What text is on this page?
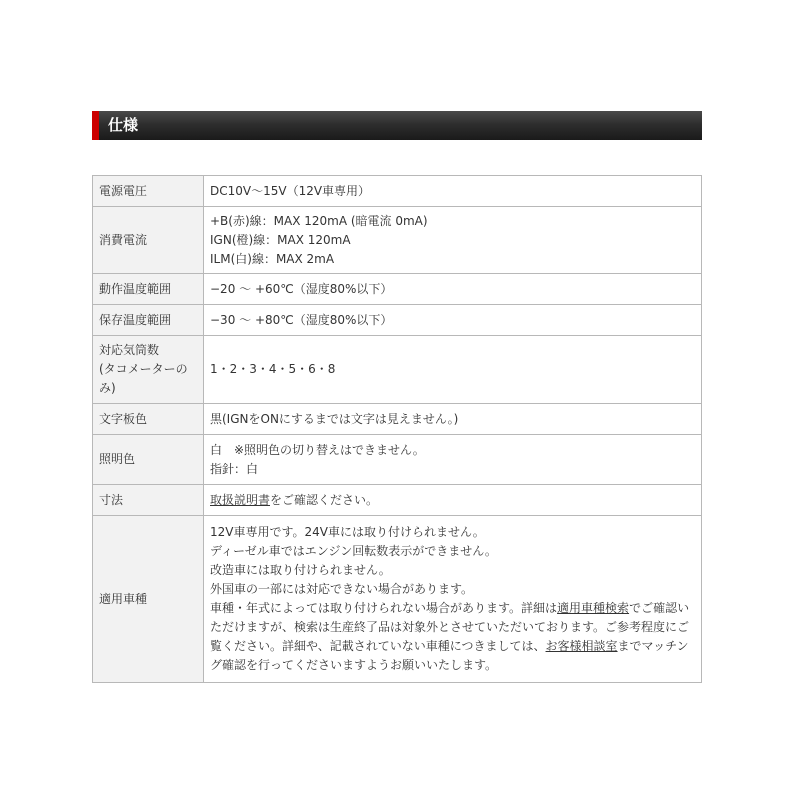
仕様
電源電圧	DC10V〜15V（12V車専用）

消費電流	+B(赤)線：MAX 120mA (暗電流 0mA)
IGN(橙)線：MAX 120mA
ILM(白)線：MAX 2mA

動作温度範囲	−20 〜 +60℃（湿度80%以下）

保存温度範囲	−30 〜 +80℃（湿度80%以下）

対応気筒数
(タコメーターの
み)	1・2・3・4・5・6・8

文字板色	黒(IGNをONにするまでは文字は見えません。)

照明色	白　※照明色の切り替えはできません。
指針：白

寸法	取扱説明書をご確認ください。

適用車種	12V車専用です。24V車には取り付けられません。
ディーゼル車ではエンジン回転数表示ができません。
改造車には取り付けられません。
外国車の一部には対応できない場合があります。
車種・年式によっては取り付けられない場合があります。詳細は適用車種検索でご確認いただけますが、検索は生産終了品は対象外とさせていただいております。ご参考程度にご覧ください。詳細や、記載されていない車種につきましては、お客様相談室までマッチング確認を行ってくださいますようお願いいたします。
